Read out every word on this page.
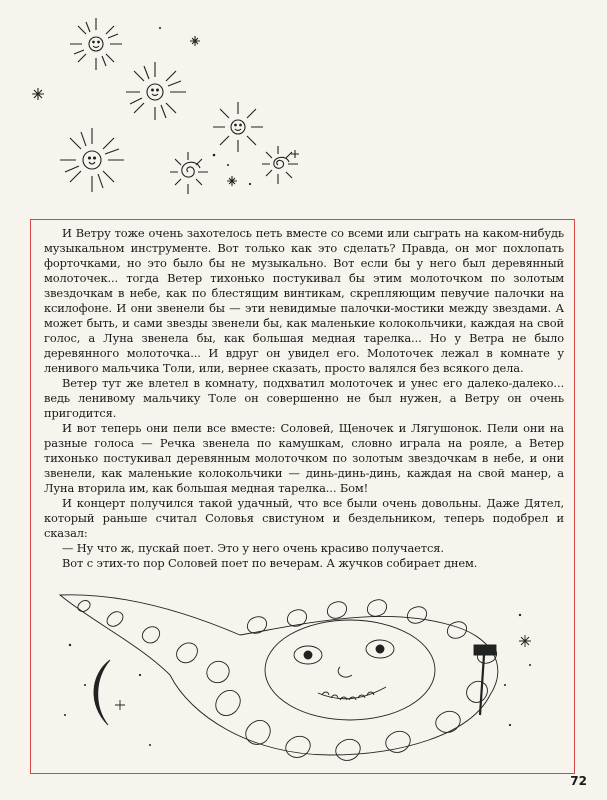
И Ветру тоже очень захотелось петь вместе со всеми или сыграть на каком-нибудь музыкальном инструменте. Вот только как это сделать? Правда, он мог похлопать форточками, но это было бы не музыкально. Вот если бы у него был деревянный молоточек... тогда Ветер тихонько постукивал бы этим молоточком по золотым звездочкам в небе, как по блестящим винтикам, скрепляющим певучие палочки на ксилофоне. И они звенели бы — эти невидимые палочки-мостики между звездами. А может быть, и сами звезды звенели бы, как маленькие колокольчики, каждая на свой голос, а Луна звенела бы, как большая медная тарелка... Но у Ветра не было деревянного молоточка... И вдруг он увидел его. Молоточек лежал в комнате у ленивого мальчика Толи, или, вернее сказать, просто валялся без всякого дела.

Ветер тут же влетел в комнату, подхватил молоточек и унес его далеко-далеко... ведь ленивому мальчику Толе он совершенно не был нужен, а Ветру он очень пригодится.

И вот теперь они пели все вместе: Соловей, Щеночек и Лягушонок. Пели они на разные голоса — Речка звенела по камушкам, словно играла на рояле, а Ветер тихонько постукивал деревянным молоточком по золотым звездочкам в небе, и они звенели, как маленькие колокольчики — динь-динь-динь, каждая на свой манер, а Луна вторила им, как большая медная тарелка... Бом!

И концерт получился такой удачный, что все были очень довольны. Даже Дятел, который раньше считал Соловья свистуном и бездельником, теперь подобрел и сказал:

— Ну что ж, пускай поет. Это у него очень красиво получается.

Вот с этих-то пор Соловей поет по вечерам. А жучков собирает днем.

72
